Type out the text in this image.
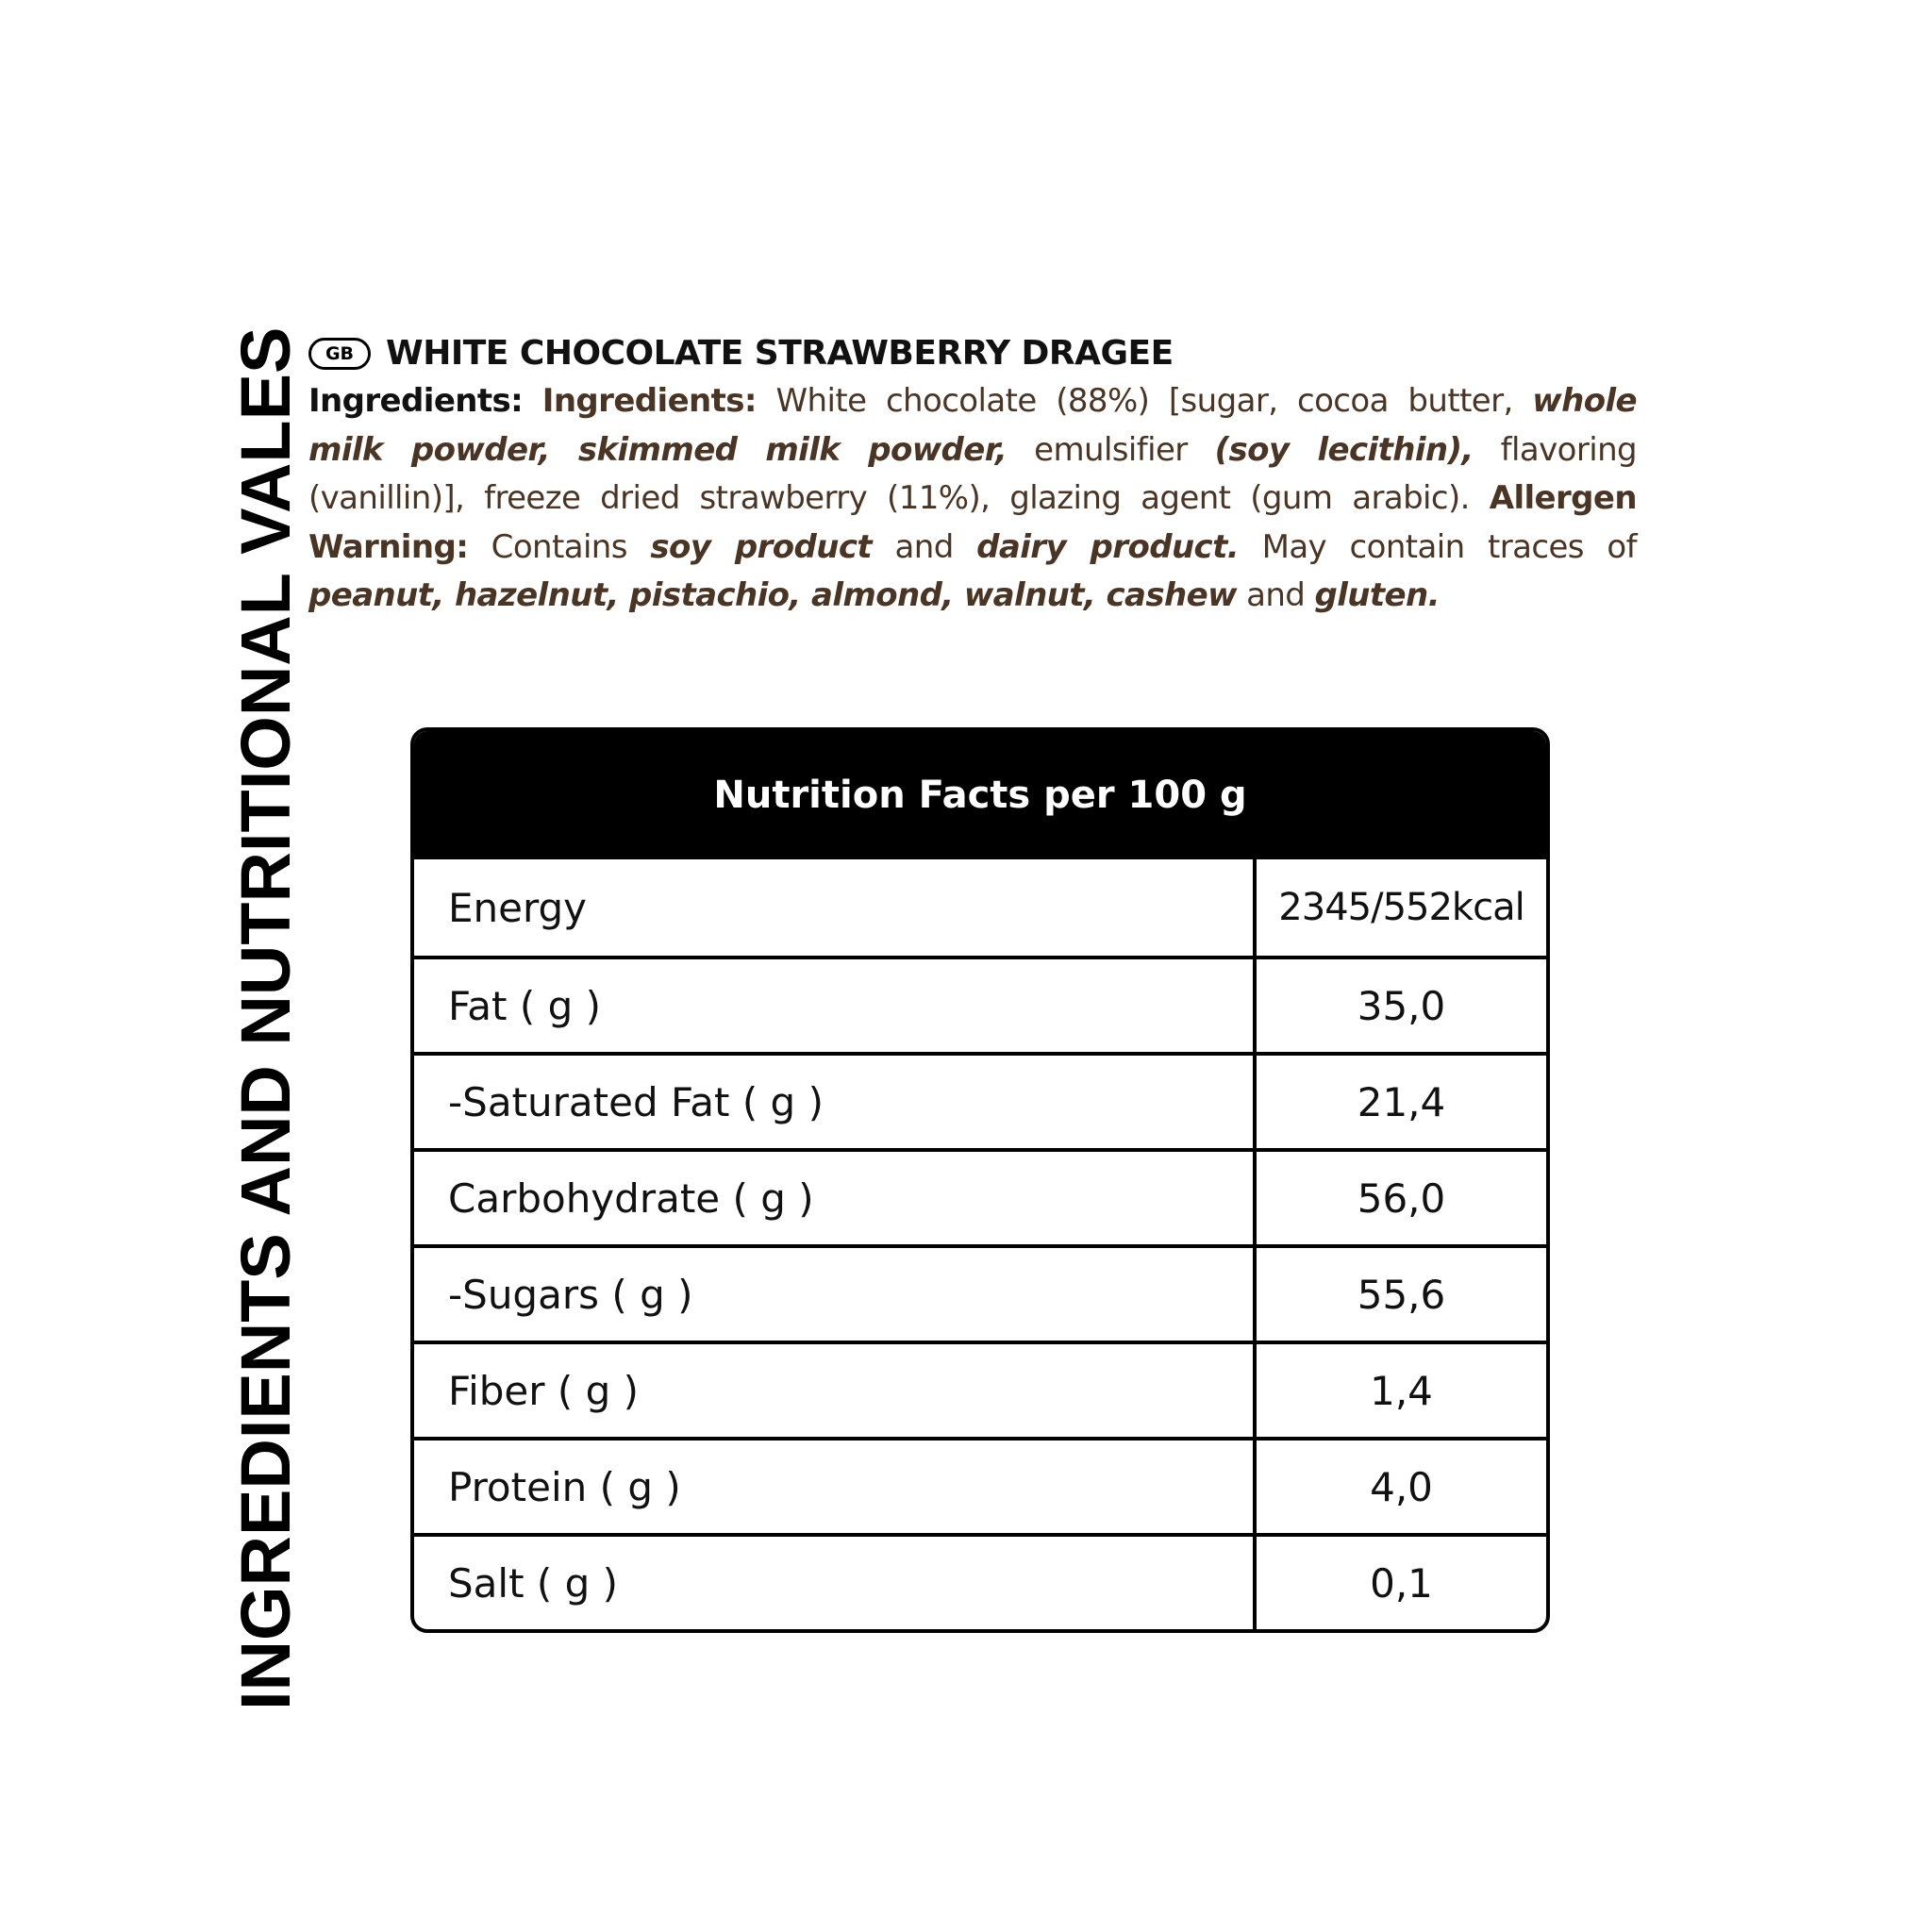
INGREDIENTS AND NUTRITIONAL VALES	GB WHITE CHOCOLATE STRAWBERRY DRAGEE
Ingredients: Ingredients: White chocolate (88%) [sugar, cocoa butter, whole milk powder, skimmed milk powder, emulsifier (soy lecithin), flavoring (vanillin)], freeze dried strawberry (11%), glazing agent (gum arabic). Allergen Warning: Contains soy product and dairy product. May contain traces of peanut, hazelnut, pistachio, almond, walnut, cashew and gluten.
Nutrition Facts per 100 g
Energy	2345/552kcal
Fat ( g )	35,0
-Saturated Fat ( g )	21,4
Carbohydrate ( g )	56,0
-Sugars ( g )	55,6
Fiber ( g )	1,4
Protein ( g )	4,0
Salt ( g )	0,1
